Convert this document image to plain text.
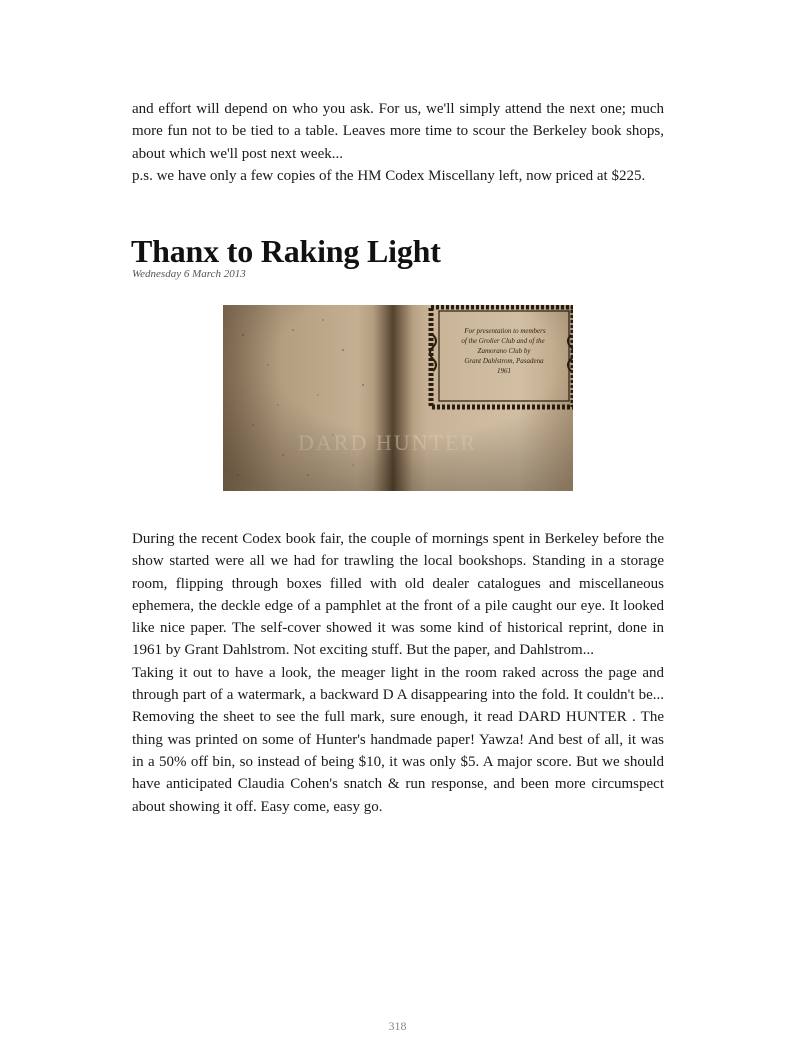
and effort will depend on who you ask. For us, we'll simply attend the next one; much more fun not to be tied to a table. Leaves more time to scour the Berkeley book shops, about which we'll post next week...

p.s. we have only a few copies of the HM Codex Miscellany left, now priced at $225.

Thanx to Raking Light
Wednesday 6 March 2013

During the recent Codex book fair, the couple of mornings spent in Berkeley before the show started were all we had for trawling the local bookshops. Standing in a storage room, flipping through boxes filled with old dealer catalogues and miscellaneous ephemera, the deckle edge of a pamphlet at the front of a pile caught our eye. It looked like nice paper. The self-cover showed it was some kind of historical reprint, done in 1961 by Grant Dahlstrom. Not exciting stuff. But the paper, and Dahlstrom...

Taking it out to have a look, the meager light in the room raked across the page and through part of a watermark, a backward D A disappearing into the fold. It couldn't be... Removing the sheet to see the full mark, sure enough, it read DARD HUNTER . The thing was printed on some of Hunter's handmade paper! Yawza! And best of all, it was in a 50% off bin, so instead of being $10, it was only $5. A major score. But we should have anticipated Claudia Cohen's snatch & run response, and been more circumspect about showing it off. Easy come, easy go.

318
